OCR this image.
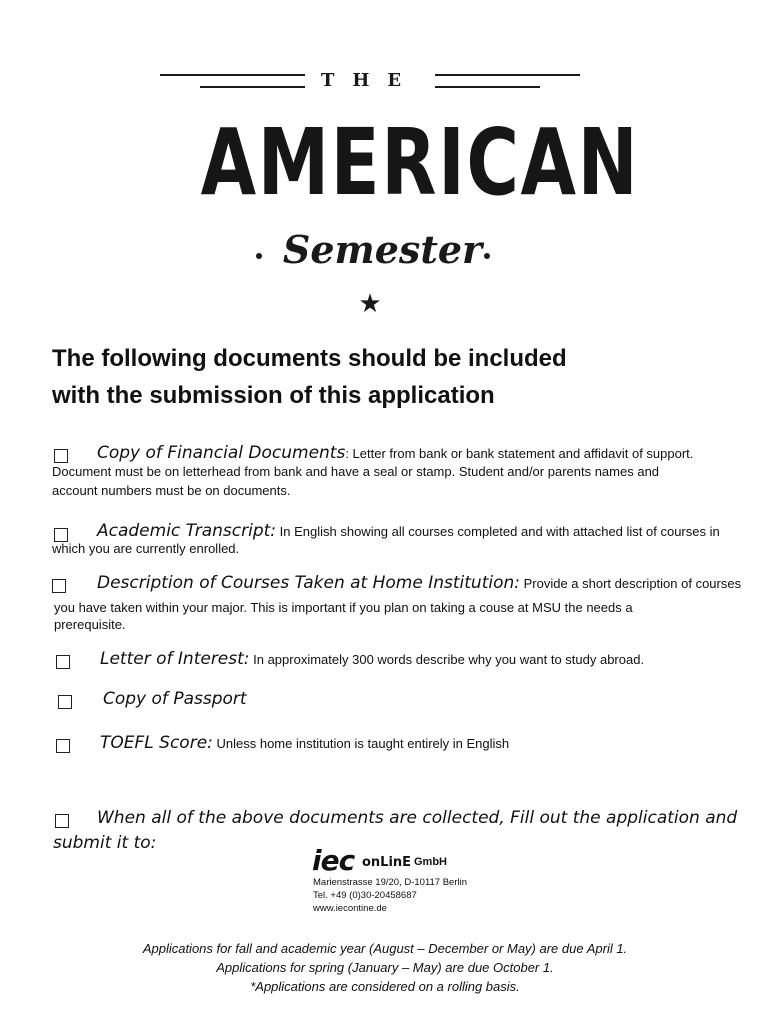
THE
AMERICAN
Semester
★
The following documents should be included
with the submission of this application
Copy of Financial Documents: Letter from bank or bank statement and affidavit of support.
Document must be on letterhead from bank and have a seal or stamp. Student and/or parents names and
account numbers must be on documents.
Academic Transcript: In English showing all courses completed and with attached list of courses in
which you are currently enrolled.
Description of Courses Taken at Home Institution: Provide a short description of courses
you have taken within your major. This is important if you plan on taking a couse at MSU the needs a
prerequisite.
Letter of Interest: In approximately 300 words describe why you want to study abroad.
Copy of Passport
TOEFL Score: Unless home institution is taught entirely in English
When all of the above documents are collected, Fill out the application and
submit it to:
iec onLinE GmbH
Marienstrasse 19/20, D-10117 Berlin
Tel. +49 (0)30-20458687
www.iecontine.de
Applications for fall and academic year (August – December or May) are due April 1.
Applications for spring (January – May) are due October 1.
*Applications are considered on a rolling basis.
